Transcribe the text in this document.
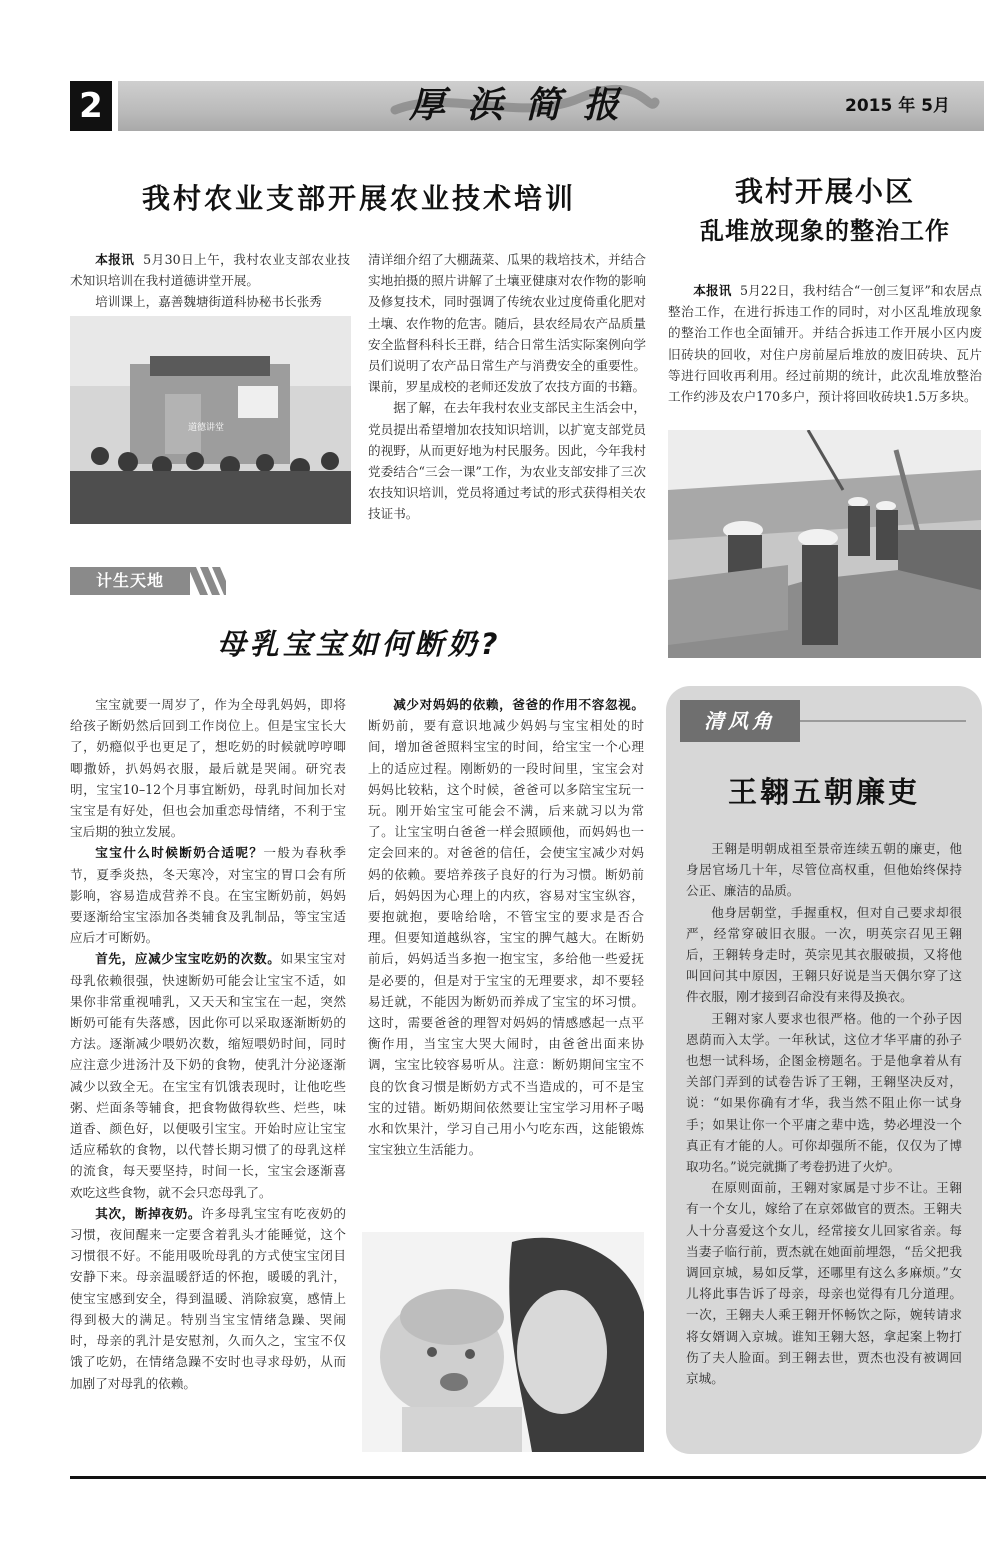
2	厚浜简报	2015 年 5月
我村农业支部开展农业技术培训

本报讯 5月30日上午，我村农业支部农业技术知识培训在我村道德讲堂开展。

培训课上，嘉善魏塘街道科协秘书长张秀

道德讲堂

清详细介绍了大棚蔬菜、瓜果的栽培技术，并结合实地拍摄的照片讲解了土壤亚健康对农作物的影响及修复技术，同时强调了传统农业过度倚重化肥对土壤、农作物的危害。随后，县农经局农产品质量安全监督科科长王群，结合日常生活实际案例向学员们说明了农产品日常生产与消费安全的重要性。课前，罗星成校的老师还发放了农技方面的书籍。

据了解，在去年我村农业支部民主生活会中，党员提出希望增加农技知识培训，以扩宽支部党员的视野，从而更好地为村民服务。因此，今年我村党委结合“三会一课”工作，为农业支部安排了三次农技知识培训，党员将通过考试的形式获得相关农技证书。

我村开展小区
乱堆放现象的整治工作

本报讯 5月22日，我村结合“一创三复评”和农居点整治工作，在进行拆违工作的同时，对小区乱堆放现象的整治工作也全面铺开。并结合拆违工作开展小区内废旧砖块的回收，对住户房前屋后堆放的废旧砖块、瓦片等进行回收再利用。经过前期的统计，此次乱堆放整治工作约涉及农户170多户，预计将回收砖块1.5万多块。

计生天地
母乳宝宝如何断奶?

宝宝就要一周岁了，作为全母乳妈妈，即将给孩子断奶然后回到工作岗位上。但是宝宝长大了，奶瘾似乎也更足了，想吃奶的时候就哼哼唧唧撒娇，扒妈妈衣服，最后就是哭闹。研究表明，宝宝10–12个月事宜断奶，母乳时间加长对宝宝是有好处，但也会加重恋母情绪，不利于宝宝后期的独立发展。

宝宝什么时候断奶合适呢？一般为春秋季节，夏季炎热，冬天寒冷，对宝宝的胃口会有所影响，容易造成营养不良。在宝宝断奶前，妈妈要逐渐给宝宝添加各类辅食及乳制品，等宝宝适应后才可断奶。

首先，应减少宝宝吃奶的次数。如果宝宝对母乳依赖很强，快速断奶可能会让宝宝不适，如果你非常重视哺乳，又天天和宝宝在一起，突然断奶可能有失落感，因此你可以采取逐渐断奶的方法。逐渐减少喂奶次数，缩短喂奶时间，同时应注意少进汤汁及下奶的食物，使乳汁分泌逐渐减少以致全无。在宝宝有饥饿表现时，让他吃些粥、烂面条等辅食，把食物做得软些、烂些，味道香、颜色好，以便吸引宝宝。开始时应让宝宝适应稀软的食物，以代替长期习惯了的母乳这样的流食，每天要坚持，时间一长，宝宝会逐渐喜欢吃这些食物，就不会只恋母乳了。

其次，断掉夜奶。许多母乳宝宝有吃夜奶的习惯，夜间醒来一定要含着乳头才能睡觉，这个习惯很不好。不能用吸吮母乳的方式使宝宝闭目安静下来。母亲温暖舒适的怀抱，暖暖的乳汁，使宝宝感到安全，得到温暖、消除寂寞，感情上得到极大的满足。特别当宝宝情绪急躁、哭闹时，母亲的乳汁是安慰剂，久而久之，宝宝不仅饿了吃奶，在情绪急躁不安时也寻求母奶，从而加剧了对母乳的依赖。

减少对妈妈的依赖，爸爸的作用不容忽视。断奶前，要有意识地减少妈妈与宝宝相处的时间，增加爸爸照料宝宝的时间，给宝宝一个心理上的适应过程。刚断奶的一段时间里，宝宝会对妈妈比较粘，这个时候，爸爸可以多陪宝宝玩一玩。刚开始宝宝可能会不满，后来就习以为常了。让宝宝明白爸爸一样会照顾他，而妈妈也一定会回来的。对爸爸的信任，会使宝宝减少对妈妈的依赖。要培养孩子良好的行为习惯。断奶前后，妈妈因为心理上的内疚，容易对宝宝纵容，要抱就抱，要啥给啥，不管宝宝的要求是否合理。但要知道越纵容，宝宝的脾气越大。在断奶前后，妈妈适当多抱一抱宝宝，多给他一些爱抚是必要的，但是对于宝宝的无理要求，却不要轻易迁就，不能因为断奶而养成了宝宝的坏习惯。这时，需要爸爸的理智对妈妈的情感感起一点平衡作用，当宝宝大哭大闹时，由爸爸出面来协调，宝宝比较容易听从。注意：断奶期间宝宝不良的饮食习惯是断奶方式不当造成的，可不是宝宝的过错。断奶期间依然要让宝宝学习用杯子喝水和饮果汁，学习自己用小勺吃东西，这能锻炼宝宝独立生活能力。

清风角
王翱五朝廉吏

王翱是明朝成祖至景帝连续五朝的廉吏，他身居官场几十年，尽管位高权重，但他始终保持公正、廉洁的品质。

他身居朝堂，手握重权，但对自己要求却很严，经常穿破旧衣服。一次，明英宗召见王翱后，王翱转身走时，英宗见其衣服破损，又将他叫回问其中原因，王翱只好说是当天偶尔穿了这件衣服，刚才接到召命没有来得及换衣。

王翱对家人要求也很严格。他的一个孙子因恩荫而入太学。一年秋试，这位才华平庸的孙子也想一试科场，企图金榜题名。于是他拿着从有关部门弄到的试卷告诉了王翱，王翱坚决反对，说：“如果你确有才华，我当然不阻止你一试身手；如果让你一个平庸之辈中选，势必埋没一个真正有才能的人。可你却强所不能，仅仅为了博取功名。”说完就撕了考卷扔进了火炉。

在原则面前，王翱对家属是寸步不让。王翱有一个女儿，嫁给了在京郊做官的贾杰。王翱夫人十分喜爱这个女儿，经常接女儿回家省亲。每当妻子临行前，贾杰就在她面前埋怨，“岳父把我调回京城，易如反掌，还哪里有这么多麻烦。”女儿将此事告诉了母亲，母亲也觉得有几分道理。一次，王翱夫人乘王翱开怀畅饮之际，婉转请求将女婿调入京城。谁知王翱大怒，拿起案上物打伤了夫人脸面。到王翱去世，贾杰也没有被调回京城。
